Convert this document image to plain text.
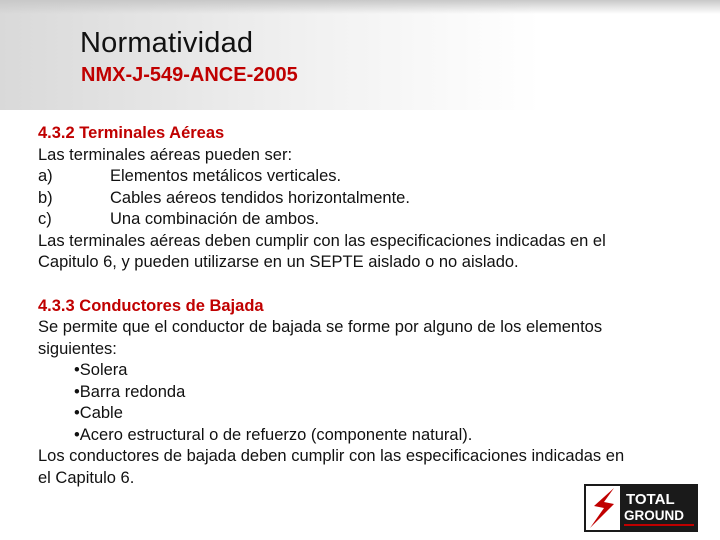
Normatividad
NMX-J-549-ANCE-2005
4.3.2 Terminales Aéreas
Las terminales aéreas pueden ser:
a)	Elementos metálicos verticales.
b)	Cables aéreos tendidos horizontalmente.
c)	Una combinación de ambos.
Las terminales aéreas deben cumplir con las especificaciones indicadas en el
Capitulo 6, y pueden utilizarse en un SEPTE aislado o no aislado.
4.3.3 Conductores de Bajada
Se permite que el conductor de bajada se forme por alguno de los elementos
siguientes:
•Solera
•Barra redonda
•Cable
•Acero estructural o de refuerzo (componente natural).
Los conductores de bajada deben cumplir con las especificaciones indicadas en
el Capitulo 6.
TOTAL
GROUND
